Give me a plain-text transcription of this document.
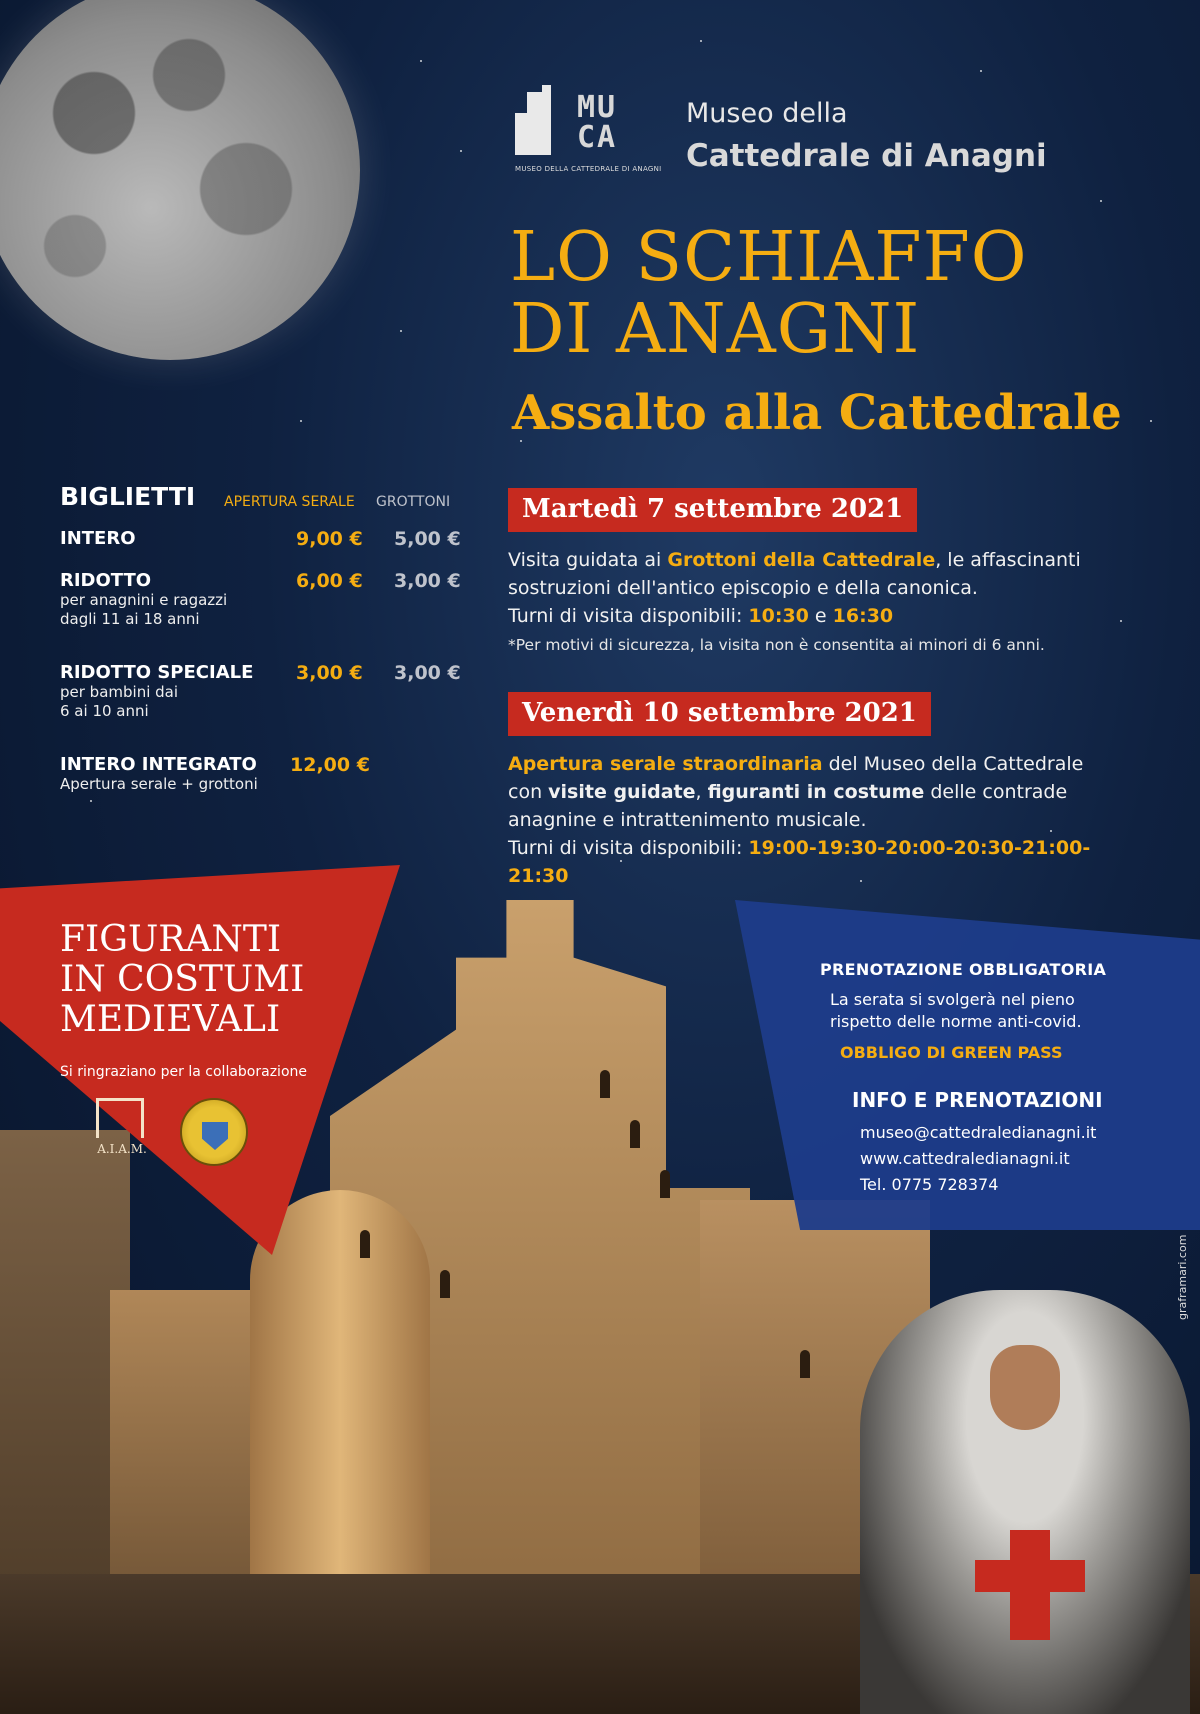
MU
CA
MUSEO DELLA CATTEDRALE DI ANAGNI
Museo della
Cattedrale di Anagni
LO SCHIAFFO
DI ANAGNI
Assalto alla Cattedrale
BIGLIETTI APERTURA SERALE GROTTONI
INTERO	9,00 € 5,00 €
RIDOTTO
per anagnini e ragazzi dagli 11 ai 18 anni
6,00 € 3,00 €
RIDOTTO SPECIALE
per bambini dai 6 ai 10 anni
3,00 € 3,00 €
INTERO INTEGRATO
Apertura serale + grottoni
12,00 €
Martedì 7 settembre 2021
Visita guidata ai Grottoni della Cattedrale, le affascinanti sostruzioni dell'antico episcopio e della canonica.
Turni di visita disponibili: 10:30 e 16:30
*Per motivi di sicurezza, la visita non è consentita ai minori di 6 anni.
Venerdì 10 settembre 2021
Apertura serale straordinaria del Museo della Cattedrale con visite guidate, figuranti in costume delle contrade anagnine e intrattenimento musicale.
Turni di visita disponibili: 19:00-19:30-20:00-20:30-21:00-21:30
FIGURANTI
IN COSTUMI
MEDIEVALI
Si ringraziano per la collaborazione
A.I.A.M.
PRENOTAZIONE OBBLIGATORIA
La serata si svolgerà nel pieno rispetto delle norme anti-covid.
OBBLIGO DI GREEN PASS
INFO E PRENOTAZIONI
museo@cattedraledianagni.it
www.cattedraledianagni.it
Tel. 0775 728374
graframari.com
